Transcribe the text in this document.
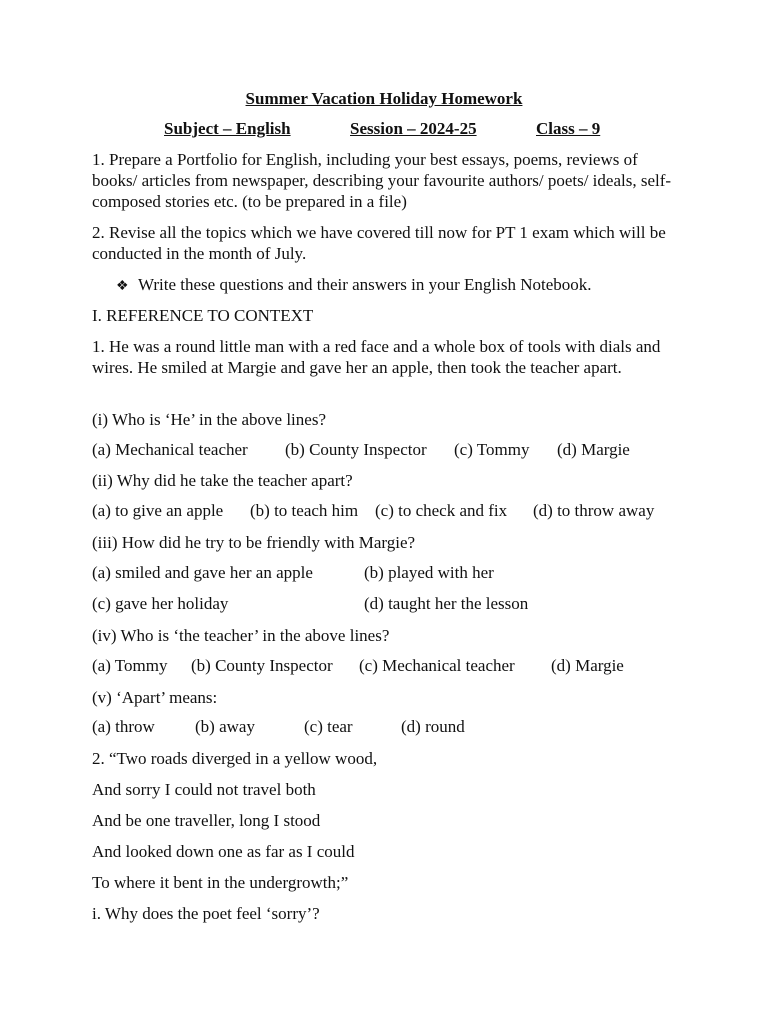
Summer Vacation Holiday Homework
Subject – English	Session – 2024-25	Class – 9
1. Prepare a Portfolio for English, including your best essays, poems, reviews of books/ articles from newspaper, describing your favourite authors/ poets/ ideals, self-composed stories etc. (to be prepared in a file)
2. Revise all the topics which we have covered till now for PT 1 exam which will be conducted in the month of July.
❖ Write these questions and their answers in your English Notebook.
I. REFERENCE TO CONTEXT
1. He was a round little man with a red face and a whole box of tools with dials and wires. He smiled at Margie and gave her an apple, then took the teacher apart.
(i) Who is ‘He’ in the above lines?
(a) Mechanical teacher (b) County Inspector (c) Tommy (d) Margie
(ii) Why did he take the teacher apart?
(a) to give an apple (b) to teach him (c) to check and fix (d) to throw away
(iii) How did he try to be friendly with Margie?
(a) smiled and gave her an apple	(b) played with her
(c) gave her holiday	(d) taught her the lesson
(iv) Who is ‘the teacher’ in the above lines?
(a) Tommy (b) County Inspector (c) Mechanical teacher (d) Margie
(v) ‘Apart’ means:
(a) throw (b) away	(c) tear	(d) round
2. “Two roads diverged in a yellow wood,
And sorry I could not travel both
And be one traveller, long I stood
And looked down one as far as I could
To where it bent in the undergrowth;”
i. Why does the poet feel ‘sorry’?
